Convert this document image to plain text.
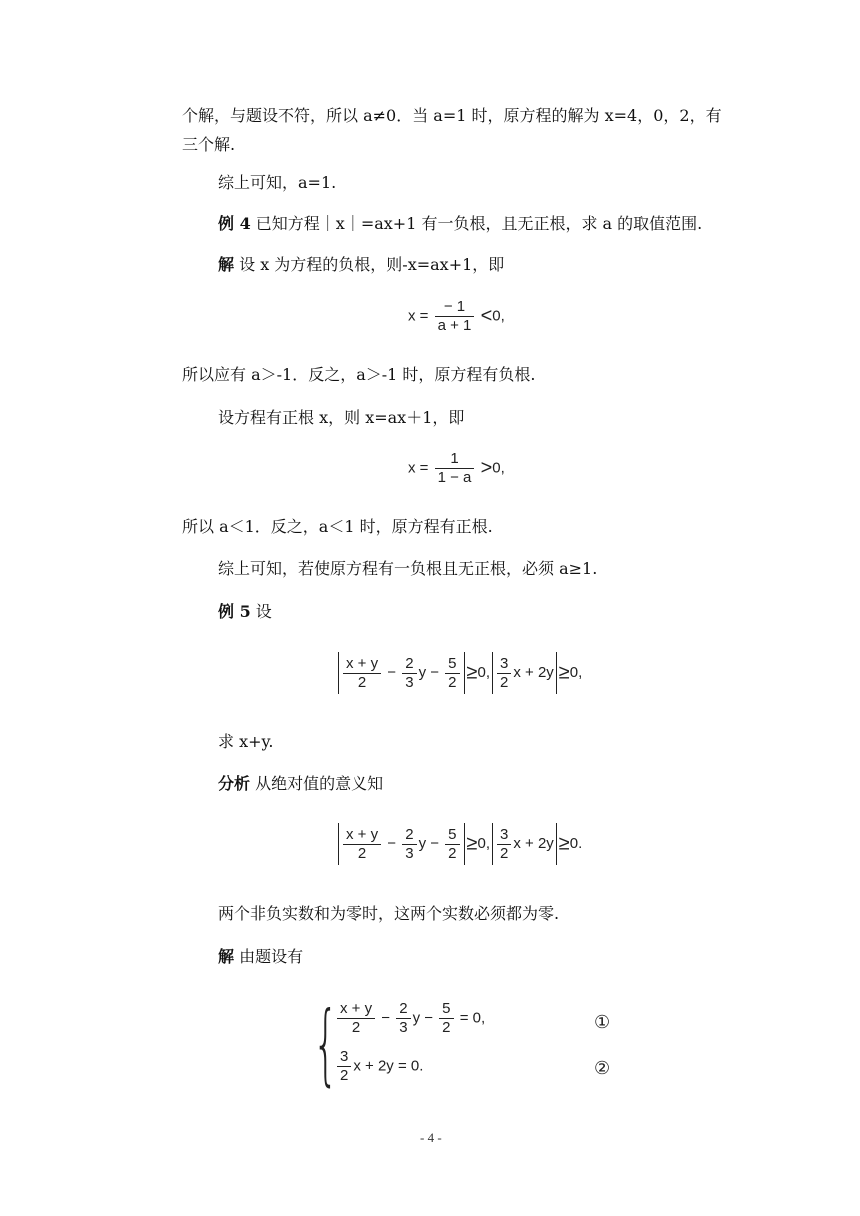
个解，与题设不符，所以 a≠0．当 a=1 时，原方程的解为 x=4，0，2，有
三个解.
综上可知，a=1.
例 4 已知方程｜x｜=ax+1 有一负根，且无正根，求 a 的取值范围.
解 设 x 为方程的负根，则-x=ax+1，即
$x = \frac{- 1}{a + 1} <0$,
所以应有 a＞-1．反之，a＞-1 时，原方程有负根.
设方程有正根 x，则 x=ax＋1，即
$x = \frac{1}{1 - a} >0$,
所以 a＜1．反之，a＜1 时，原方程有正根.
综上可知，若使原方程有一负根且无正根，必须 a≥1.
例 5 设
$\frac{x + y}{2} - \frac{2}{3}$ $y - \frac{5}{2} \ge 0$, $\frac{3}{2}$ x + 2y ≥0,
求 x+y.
分析 从绝对值的意义知
$\frac{x + y}{2} - \frac{2}{3}$ $y - \frac{5}{2} \ge 0$, $\frac{3}{2}$ x + 2y ≥0.
两个非负实数和为零时，这两个实数必须都为零.
解 由题设有
{
$\frac{x + y}{2} - \frac{2}{3}$ $y - \frac{5}{2} = 0$,
$\frac{3}{2}$ x + 2y = 0.
①
②
- 4 -
